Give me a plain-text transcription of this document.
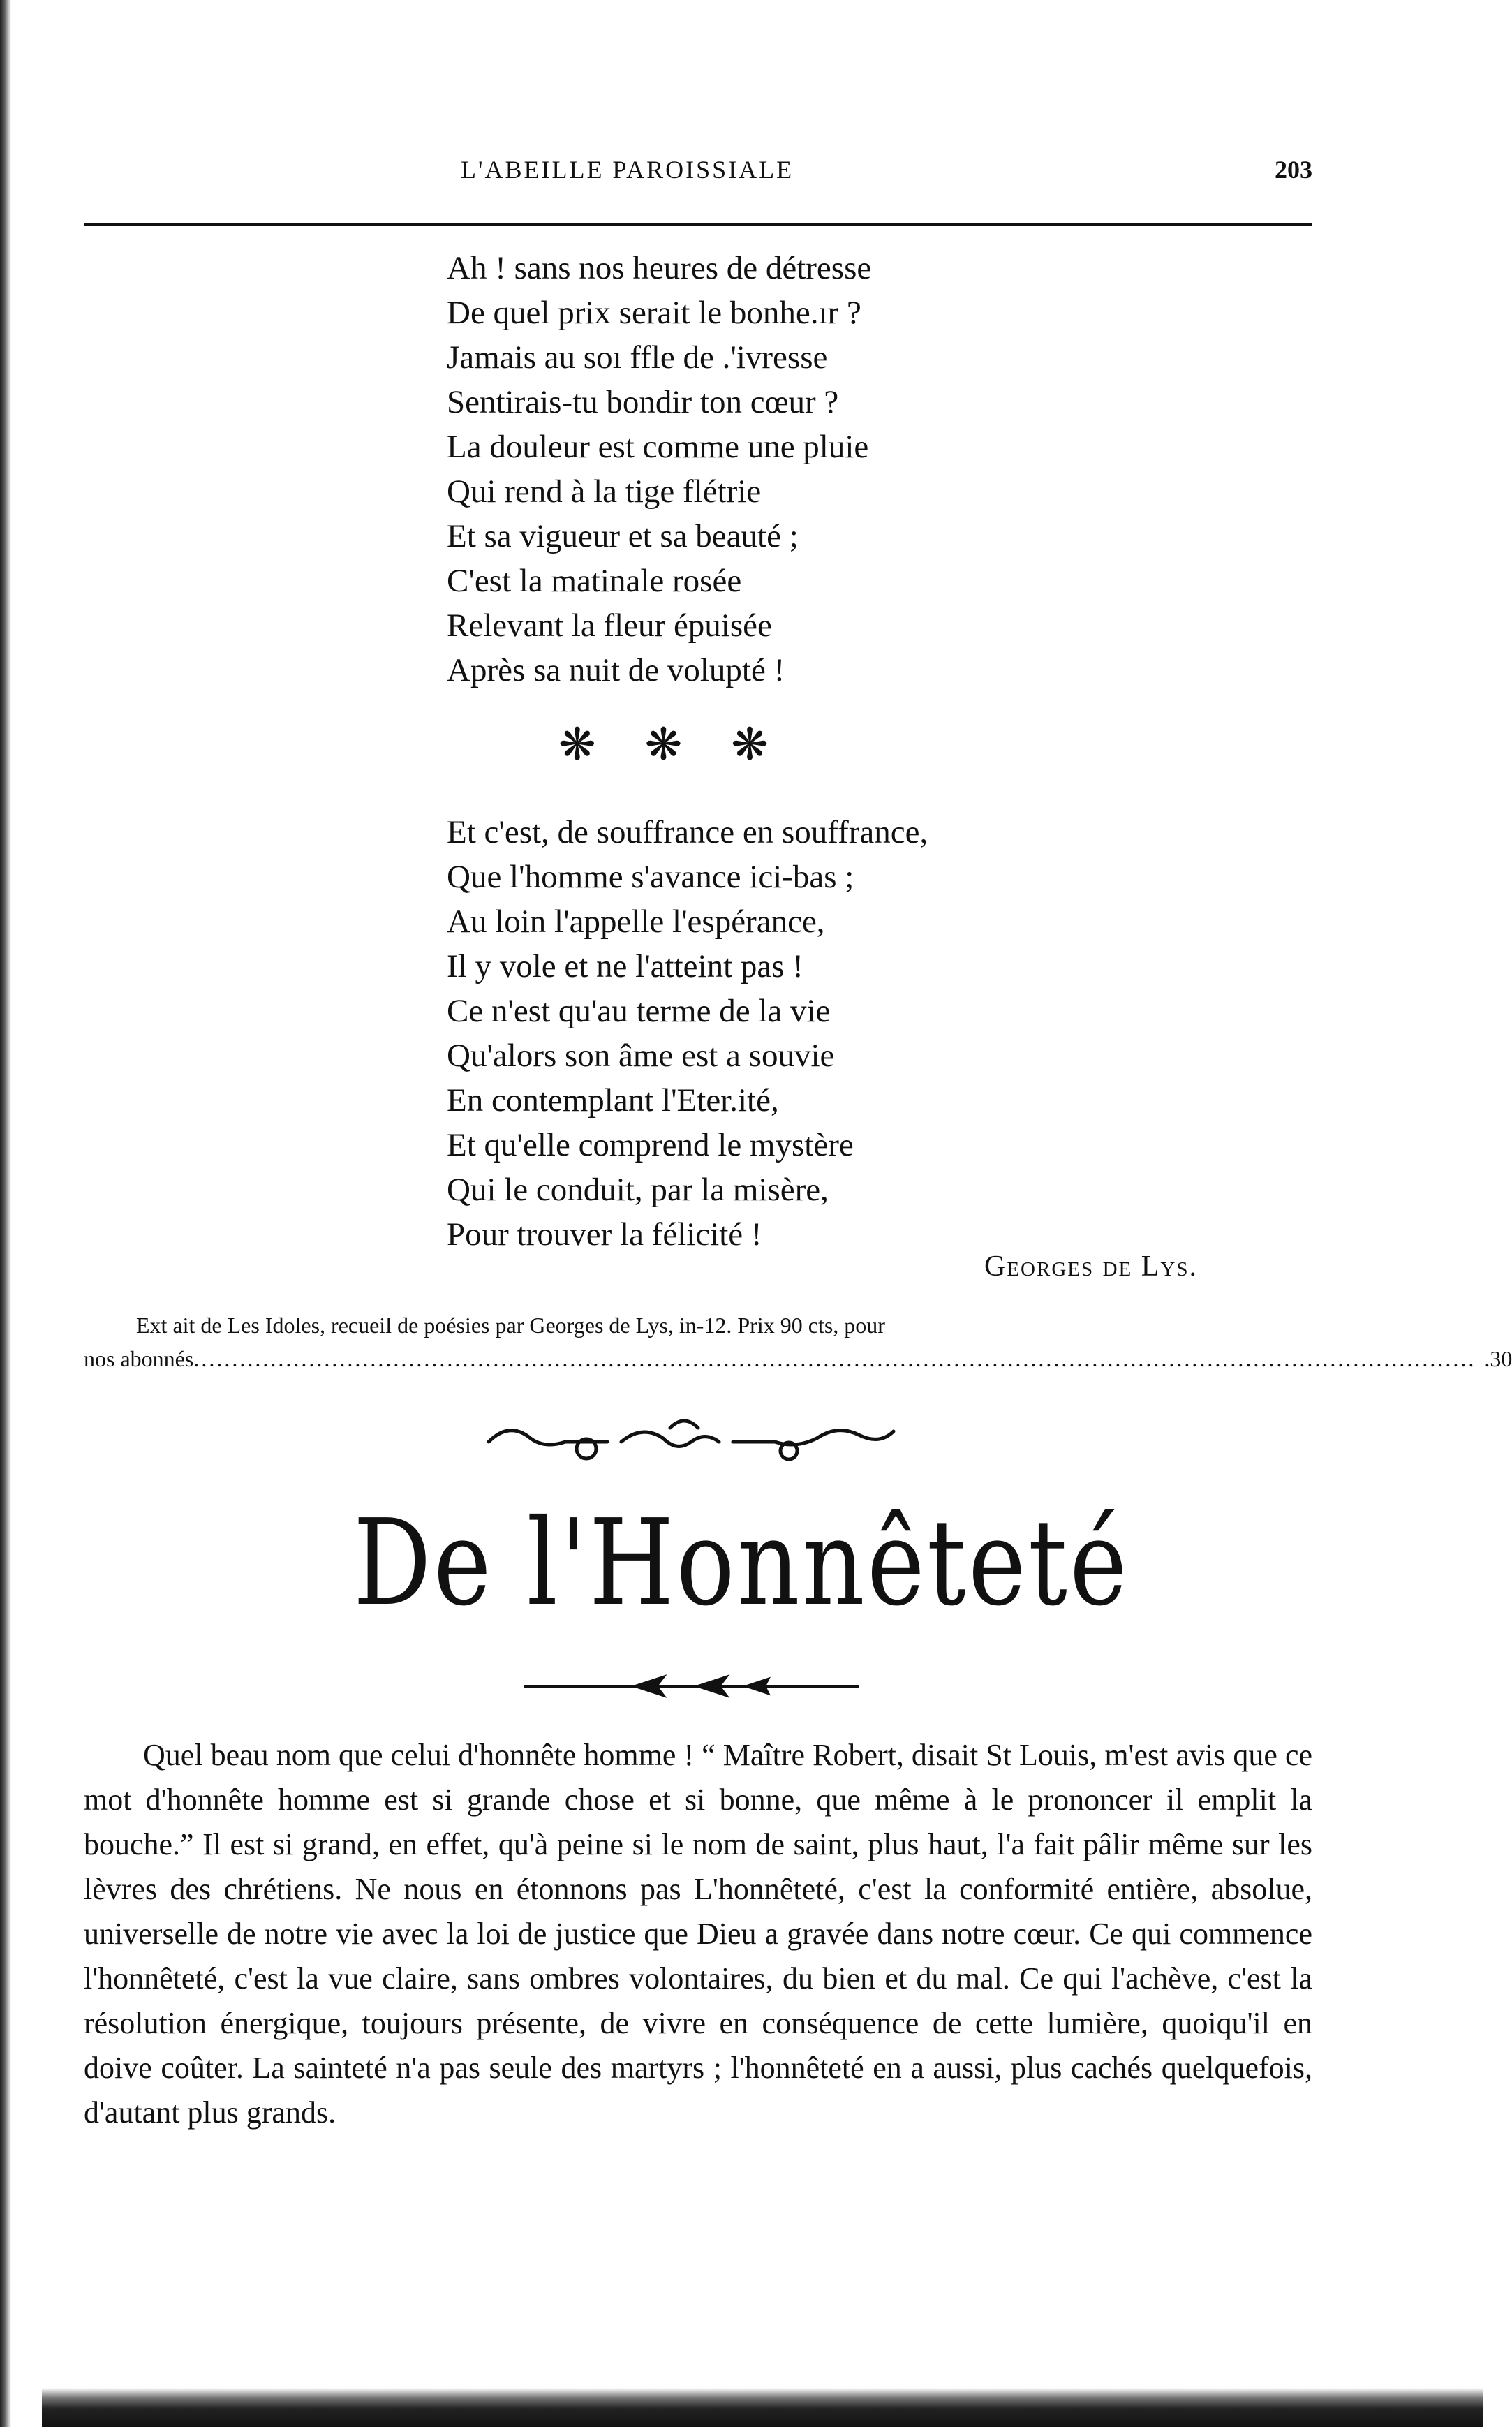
L'ABEILLE PAROISSIALE	203
Ah ! sans nos heures de détresse
De quel prix serait le bonhe.ır ?
Jamais au soı ffle de .'ivresse
Sentirais-tu bondir ton cœur ?
La douleur est comme une pluie
Qui rend à la tige flétrie
Et sa vigueur et sa beauté ;
C'est la matinale rosée
Relevant la fleur épuisée
Après sa nuit de volupté !
❋ ❋ ❋
Et c'est, de souffrance en souffrance,
Que l'homme s'avance ici-bas ;
Au loin l'appelle l'espérance,
Il y vole et ne l'atteint pas !
Ce n'est qu'au terme de la vie
Qu'alors son âme est a souvie
En contemplant l'Eter.ité,
Et qu'elle comprend le mystère
Qui le conduit, par la misère,
Pour trouver la félicité !
Georges de Lys.
Ext ait de Les Idoles, recueil de poésies par Georges de Lys, in-12. Prix 90 cts, pour
nos abonnés ....................................................................................................................................................................... .30
De l'Honnêteté

Quel beau nom que celui d'honnête homme ! “ Maître Robert, disait St Louis, m'est avis que ce mot d'honnête homme est si grande chose et si bonne, que même à le prononcer il emplit la bouche.” Il est si grand, en effet, qu'à peine si le nom de saint, plus haut, l'a fait pâlir même sur les lèvres des chrétiens. Ne nous en étonnons pas L'honnêteté, c'est la conformité entière, absolue, universelle de notre vie avec la loi de justice que Dieu a gravée dans notre cœur. Ce qui commence l'honnêteté, c'est la vue claire, sans ombres volontaires, du bien et du mal. Ce qui l'achève, c'est la résolution énergique, toujours présente, de vivre en conséquence de cette lumière, quoiqu'il en doive coûter. La sainteté n'a pas seule des martyrs ; l'honnêteté en a aussi, plus cachés quelquefois, d'autant plus grands.
